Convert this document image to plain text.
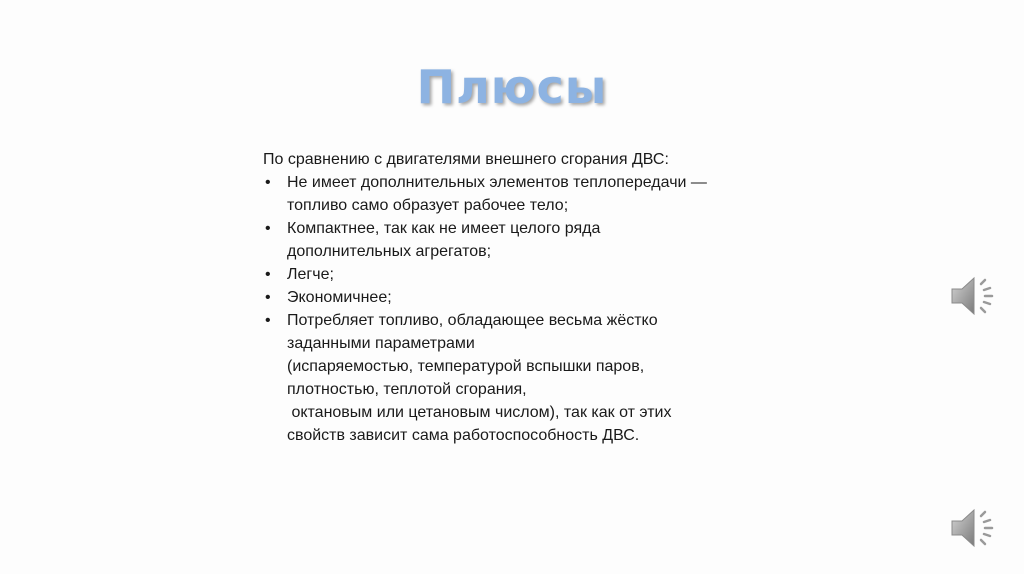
Плюсы

По сравнению с двигателями внешнего сгорания ДВС:

• Не имеет дополнительных элементов теплопередачи —
топливо само образует рабочее тело;
• Компактнее, так как не имеет целого ряда
дополнительных агрегатов;
• Легче;
• Экономичнее;
• Потребляет топливо, обладающее весьма жёстко
заданными параметрами
(испаряемостью, температурой вспышки паров,
плотностью, теплотой сгорания,
октановым или цетановым числом), так как от этих
свойств зависит сама работоспособность ДВС.
